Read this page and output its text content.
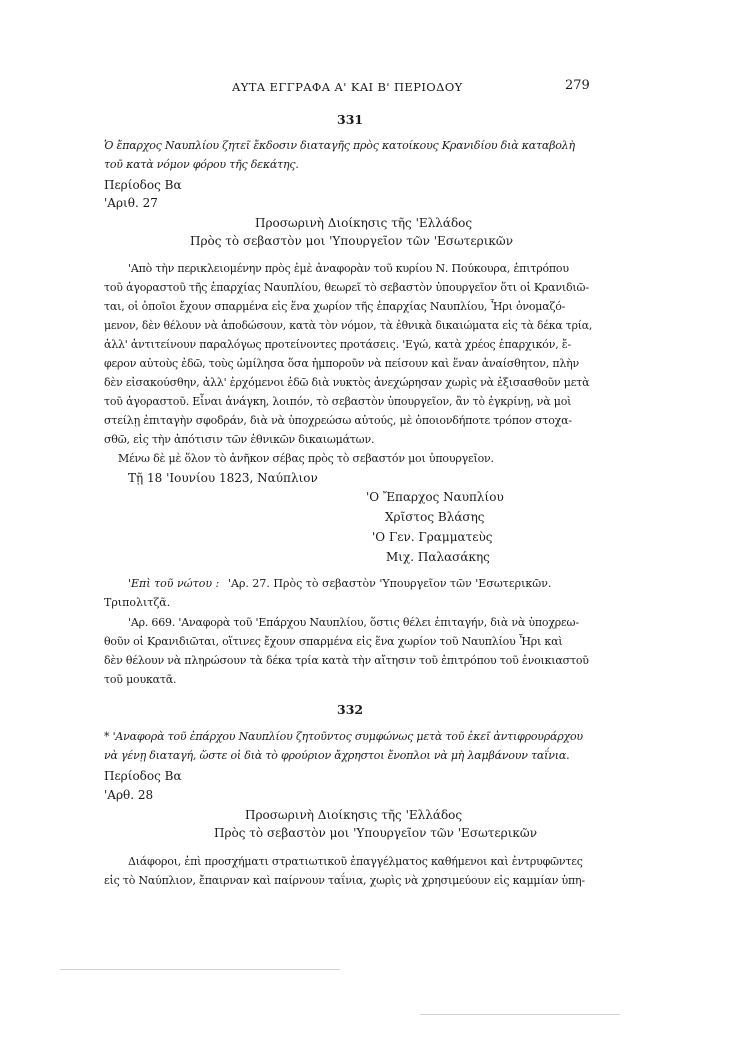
ΑΥΤΑ ΕΓΓΡΑΦΑ Α' ΚΑΙ Β' ΠΕΡΙΟΔΟΥ	279
331
Ὁ ἔπαρχος Ναυπλίου ζητεῖ ἔκδοσιν διαταγῆς πρὸς κατοίκους Κρανιδίου διὰ καταβολὴ
τοῦ κατὰ νόμον φόρου τῆς δεκάτης.
Περίοδος Βα
'Αριθ. 27
Προσωρινὴ Διοίκησις τῆς 'Ελλάδος
Πρὸς τὸ σεβαστὸν μοι 'Υπουργεῖον τῶν 'Εσωτερικῶν
'Απὸ τὴν περικλειομένην πρὸς ἐμὲ ἀναφορὰν τοῦ κυρίου Ν. Πούκουρα, ἐπιτρόπου
τοῦ ἀγοραστοῦ τῆς ἐπαρχίας Ναυπλίου, θεωρεῖ τὸ σεβαστὸν ὑπουργεῖον ὅτι οἱ Κρανιδιῶ-
ται, οἱ ὁποῖοι ἔχουν σπαρμένα εἰς ἕνα χωρίον τῆς ἐπαρχίας Ναυπλίου, Ἦρι ὀνομαζό-
μενον, δὲν θέλουν νὰ ἀποδώσουν, κατὰ τὸν νόμον, τὰ ἐθνικὰ δικαιώματα εἰς τὰ δέκα τρία,
ἀλλ' ἀντιτείνουν παραλόγως προτείνοντες προτάσεις. 'Εγώ, κατὰ χρέος ἐπαρχικόν, ἔ-
φερον αὐτοὺς ἐδῶ, τοὺς ὡμίλησα ὅσα ἠμποροῦν νὰ πείσουν καὶ ἕναν ἀναίσθητον, πλὴν
δὲν εἰσακούσθην, ἀλλ' ἐρχόμενοι ἐδῶ διὰ νυκτὸς ἀνεχώρησαν χωρὶς νὰ ἐξισασθοῦν μετὰ
τοῦ ἀγοραστοῦ. Εἶναι ἀνάγκη, λοιπόν, τὸ σεβαστὸν ὑπουργεῖον, ἂν τὸ ἐγκρίνῃ, νὰ μοὶ
στείλῃ ἐπιταγὴν σφοδράν, διὰ νὰ ὑποχρεώσω αὐτούς, μὲ ὁποιονδήποτε τρόπον στοχα-
σθῶ, εἰς τὴν ἀπότισιν τῶν ἐθνικῶν δικαιωμάτων.
Μένω δὲ μὲ ὅλον τὸ ἀνῆκον σέβας πρὸς τὸ σεβαστόν μοι ὑπουργεῖον.
Τῇ 18 'Ιουνίου 1823, Ναύπλιον
'Ο Ἔπαρχος Ναυπλίου
Χρῖστος Βλάσης
'Ο Γεν. Γραμματεὺς
Μιχ. Παλασάκης
'Επὶ τοῦ νώτου : 'Αρ. 27. Πρὸς τὸ σεβαστὸν 'Υπουργεῖον τῶν 'Εσωτερικῶν.
Τριπολιτζᾶ.
'Αρ. 669. 'Αναφορὰ τοῦ 'Επάρχου Ναυπλίου, ὅστις θέλει ἐπιταγήν, διὰ νὰ ὑποχρεω-
θοῦν οἱ Κρανιδιῶται, οἵτινες ἔχουν σπαρμένα εἰς ἕνα χωρίον τοῦ Ναυπλίου Ἦρι καὶ
δὲν θέλουν νὰ πληρώσουν τὰ δέκα τρία κατὰ τὴν αἴτησιν τοῦ ἐπιτρόπου τοῦ ἐνοικιαστοῦ
τοῦ μουκατᾶ.
332
* 'Αναφορὰ τοῦ ἐπάρχου Ναυπλίου ζητοῦντος συμφώνως μετὰ τοῦ ἐκεῖ ἀντιφρουράρχου
νὰ γένῃ διαταγή, ὥστε οἱ διὰ τὸ φρούριον ἄχρηστοι ἔνοπλοι νὰ μὴ λαμβάνουν ταΐνια.
Περίοδος Βα
'Αρθ. 28
Προσωρινὴ Διοίκησις τῆς 'Ελλάδος
Πρὸς τὸ σεβαστὸν μοι 'Υπουργεῖον τῶν 'Εσωτερικῶν
Διάφοροι, ἐπὶ προσχήματι στρατιωτικοῦ ἐπαγγέλματος καθήμενοι καὶ ἐντρυφῶντες
εἰς τὸ Ναύπλιον, ἔπαιρναν καὶ παίρνουν ταΐνια, χωρὶς νὰ χρησιμεύουν εἰς καμμίαν ὑπη-
